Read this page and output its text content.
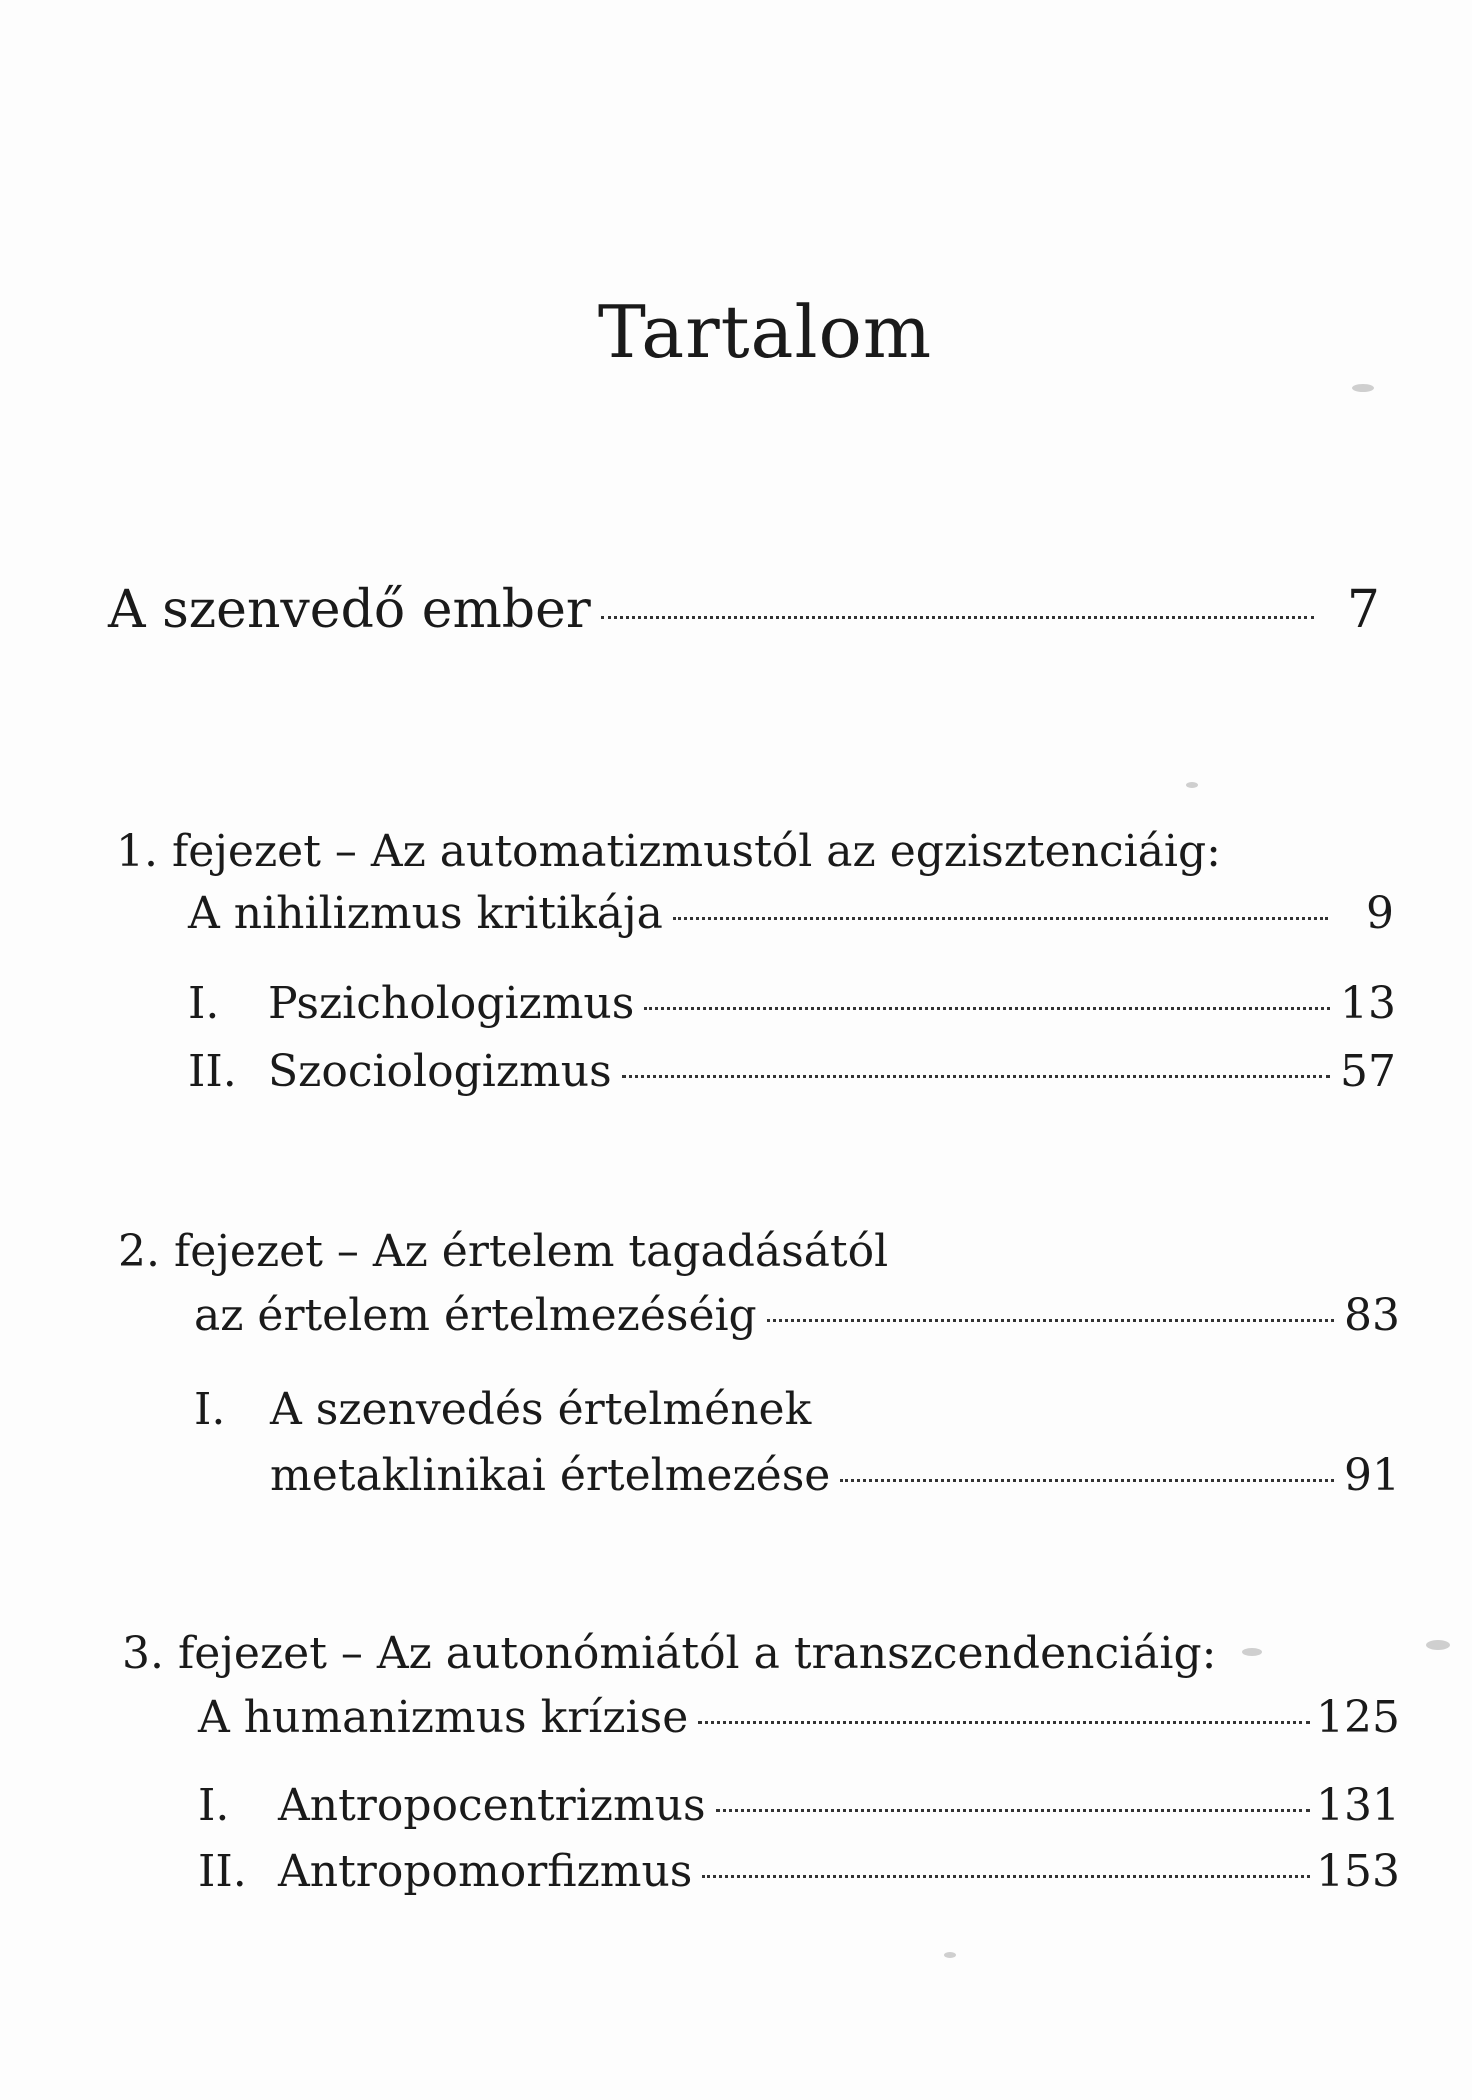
Tartalom
A szenvedő ember	7
1. fejezet – Az automatizmustól az egzisztenciáig:
A nihilizmus kritikája	9
I.	Pszichologizmus	13
II. Szociologizmus	57
2. fejezet – Az értelem tagadásától
az értelem értelmezéséig	83
I. A szenvedés értelmének
metaklinikai értelmezése	91
3. fejezet – Az autonómiától a transzcendenciáig:
A humanizmus krízise	125
I.	Antropocentrizmus	131
II. Antropomorfizmus	153
